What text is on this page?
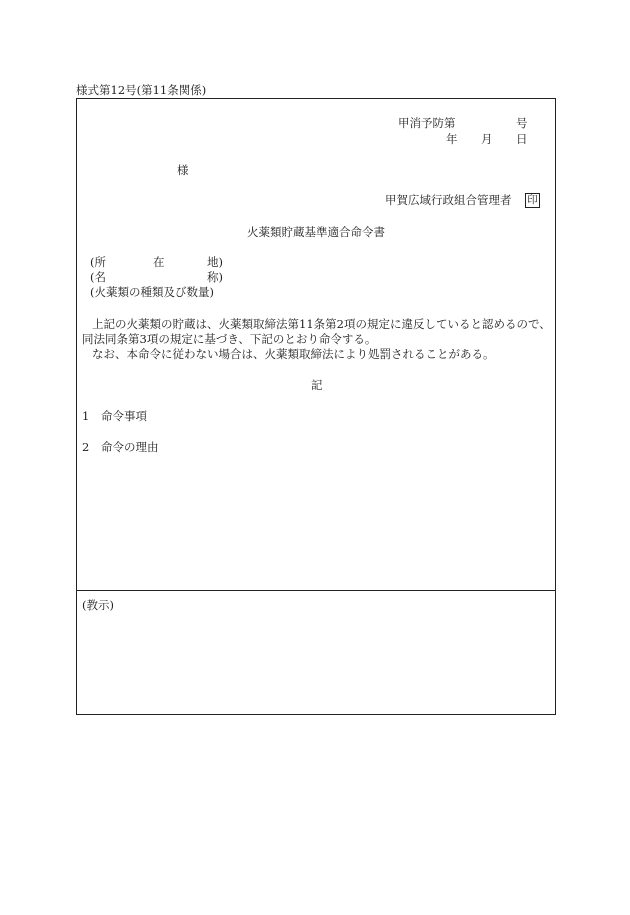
様式第12号(第11条関係)
甲消予防第	号
年 月 日
様
甲賀広域行政組合管理者 印
火薬類貯蔵基準適合命令書
(所	在	地)
(名	称)
(火薬類の種類及び数量)
上記の火薬類の貯蔵は、火薬類取締法第11条第2項の規定に違反していると認めるので、
同法同条第3項の規定に基づき、下記のとおり命令する。
なお、本命令に従わない場合は、火薬類取締法により処罰されることがある。
記
1 命令事項
2 命令の理由
(教示)
